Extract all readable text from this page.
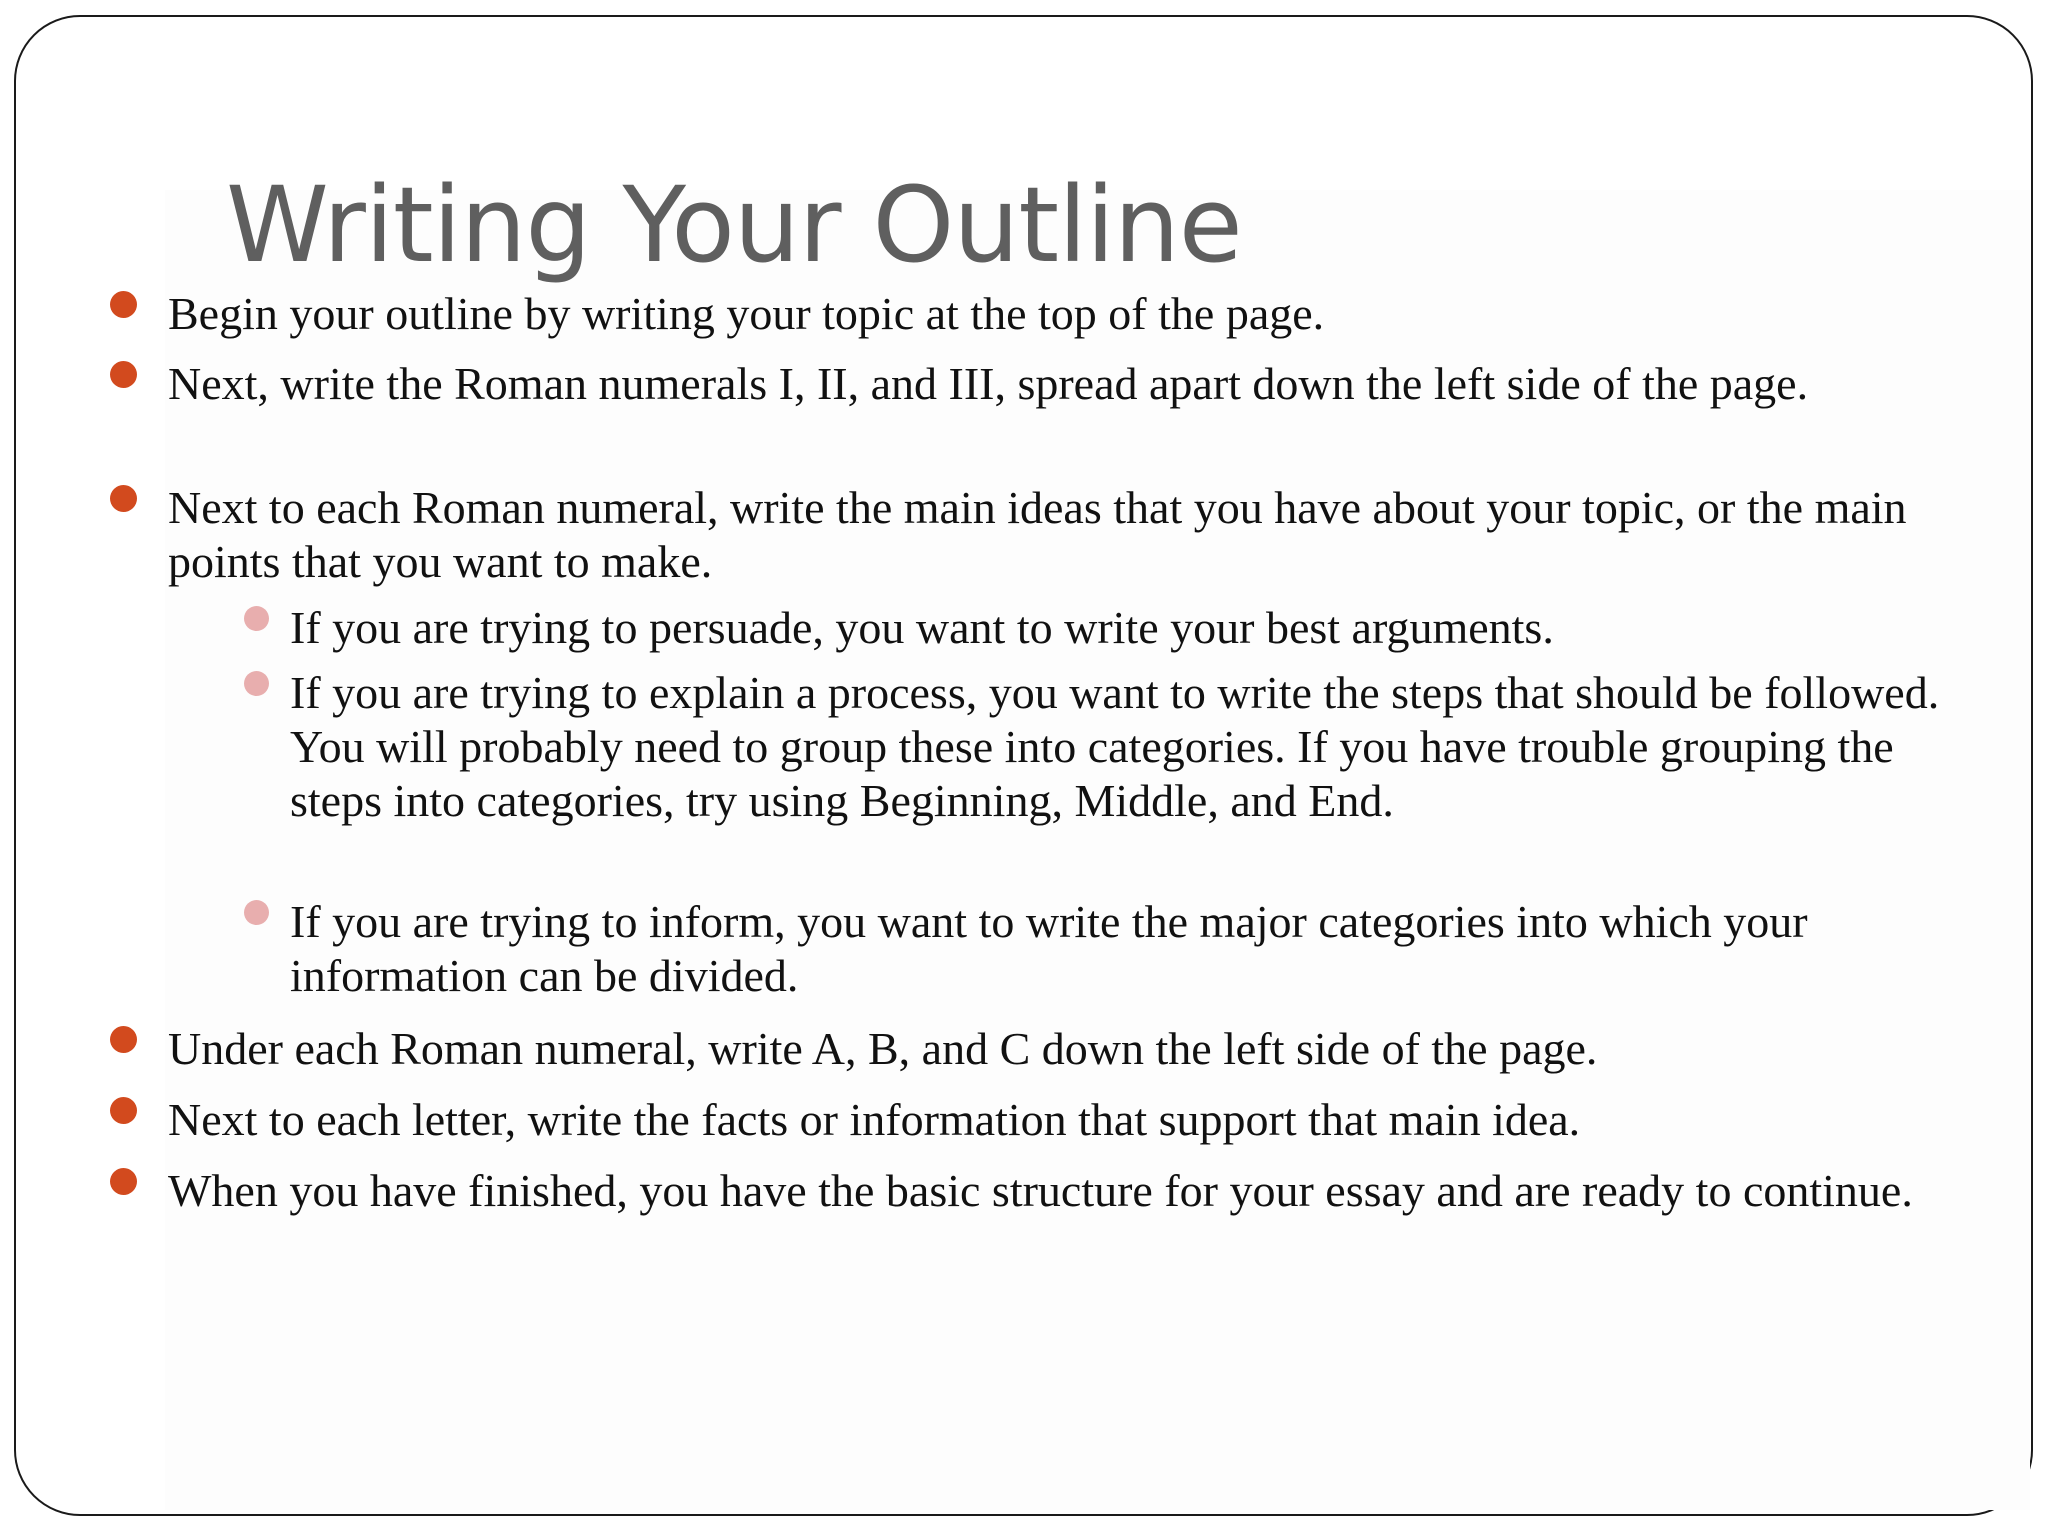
Writing Your Outline
Begin your outline by writing your topic at the top of the page.
Next, write the Roman numerals I, II, and III, spread apart down the left side of the page.
Next to each Roman numeral, write the main ideas that you have about your topic, or the main points that you want to make.
If you are trying to persuade, you want to write your best arguments.
If you are trying to explain a process, you want to write the steps that should be followed. You will probably need to group these into categories. If you have trouble grouping the steps into categories, try using Beginning, Middle, and End.
If you are trying to inform, you want to write the major categories into which your information can be divided.
Under each Roman numeral, write A, B, and C down the left side of the page.
Next to each letter, write the facts or information that support that main idea.
When you have finished, you have the basic structure for your essay and are ready to continue.
